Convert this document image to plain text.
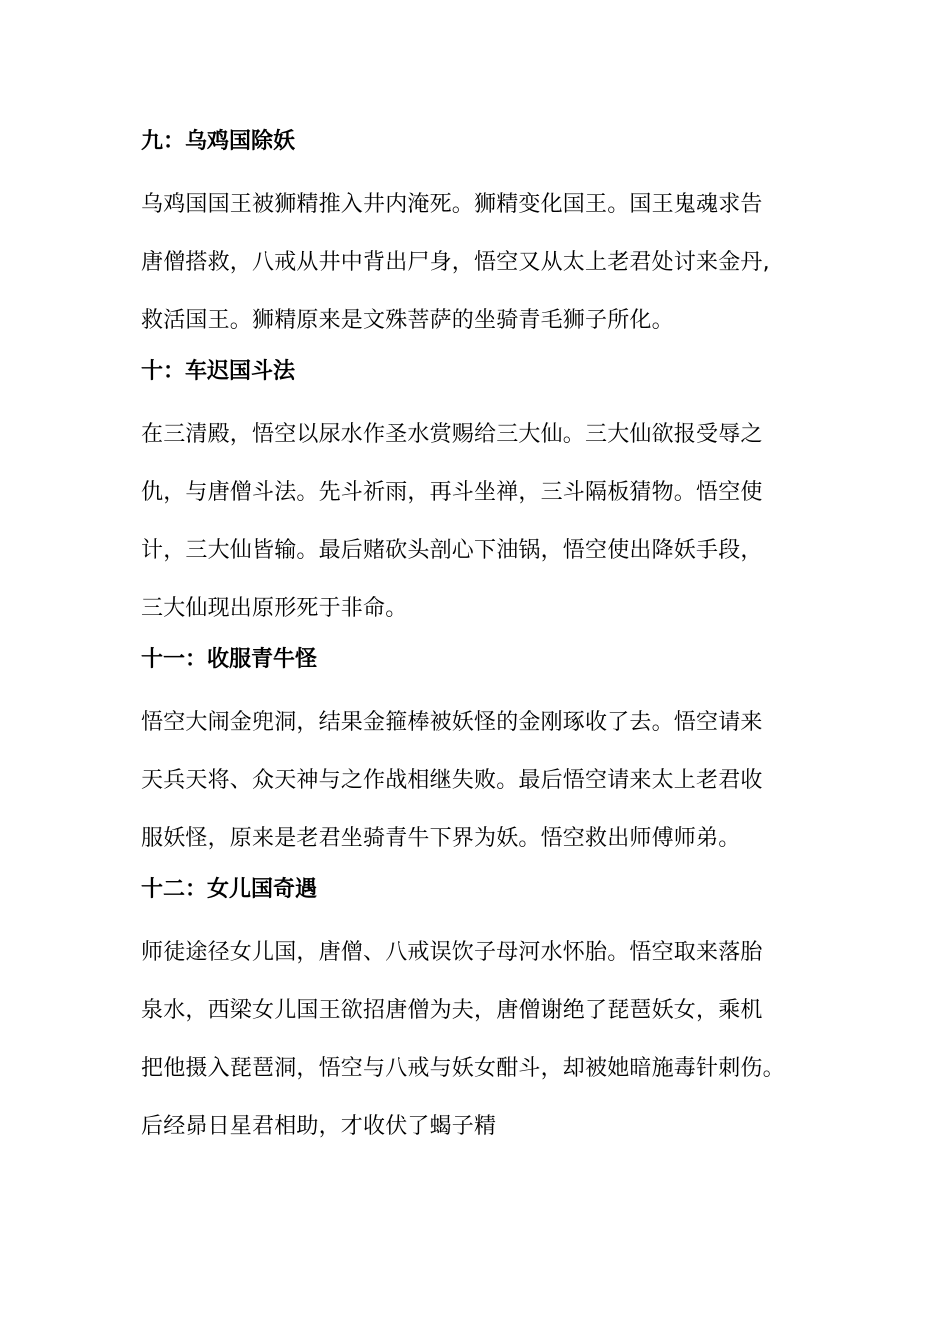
九：乌鸡国除妖
乌鸡国国王被狮精推入井内淹死。狮精变化国王。国王鬼魂求告
唐僧搭救，八戒从井中背出尸身，悟空又从太上老君处讨来金丹,
救活国王。狮精原来是文殊菩萨的坐骑青毛狮子所化。
十：车迟国斗法
在三清殿，悟空以尿水作圣水赏赐给三大仙。三大仙欲报受辱之
仇，与唐僧斗法。先斗祈雨，再斗坐禅，三斗隔板猜物。悟空使
计，三大仙皆输。最后赌砍头剖心下油锅，悟空使出降妖手段，
三大仙现出原形死于非命。
十一：收服青牛怪
悟空大闹金兜洞，结果金箍棒被妖怪的金刚琢收了去。悟空请来
天兵天将、众天神与之作战相继失败。最后悟空请来太上老君收
服妖怪，原来是老君坐骑青牛下界为妖。悟空救出师傅师弟。
十二：女儿国奇遇
师徒途径女儿国，唐僧、八戒误饮子母河水怀胎。悟空取来落胎
泉水，西梁女儿国王欲招唐僧为夫，唐僧谢绝了琵琶妖女，乘机
把他摄入琵琶洞，悟空与八戒与妖女酣斗，却被她暗施毒针刺伤。
后经昴日星君相助，才收伏了蝎子精
